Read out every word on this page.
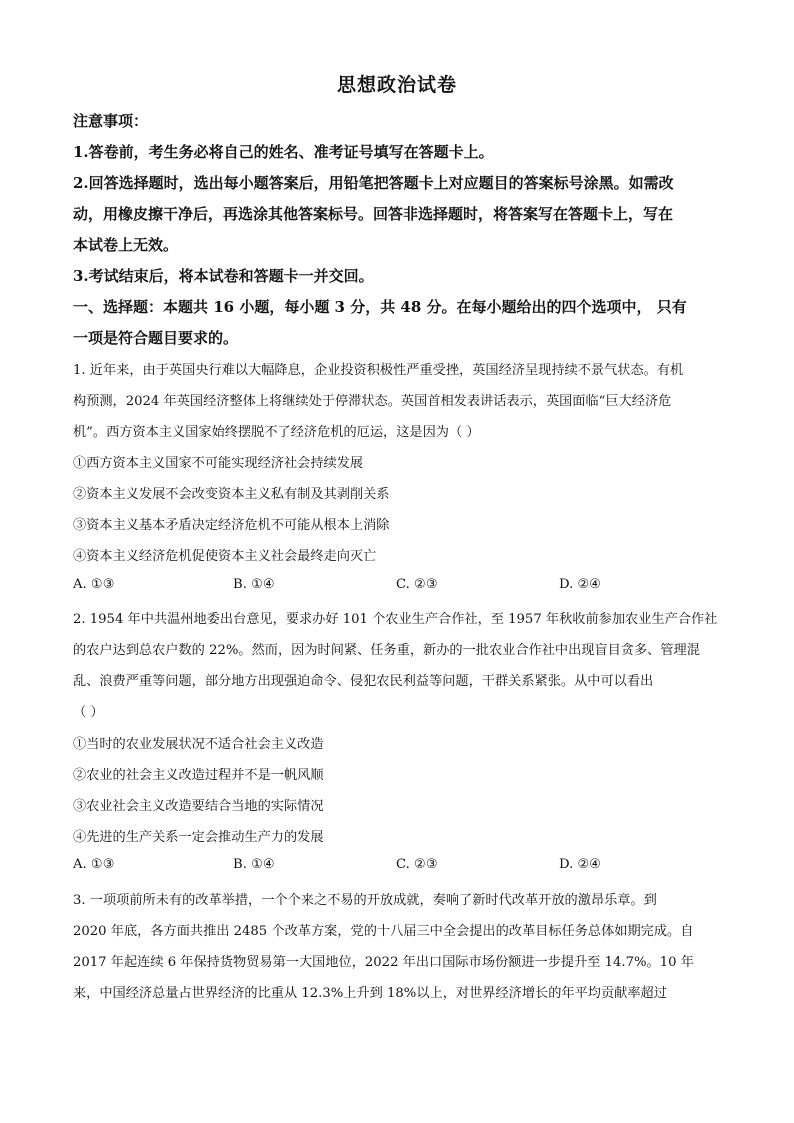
思想政治试卷
注意事项：
1.答卷前，考生务必将自己的姓名、准考证号填写在答题卡上。
2.回答选择题时，选出每小题答案后，用铅笔把答题卡上对应题目的答案标号涂黑。如需改
动，用橡皮擦干净后，再选涂其他答案标号。回答非选择题时，将答案写在答题卡上，写在
本试卷上无效。
3.考试结束后，将本试卷和答题卡一并交回。
一、选择题：本题共 16 小题，每小题 3 分，共 48 分。在每小题给出的四个选项中， 只有
一项是符合题目要求的。
1. 近年来，由于英国央行难以大幅降息，企业投资积极性严重受挫，英国经济呈现持续不景气状态。有机
构预测，2024 年英国经济整体上将继续处于停滞状态。英国首相发表讲话表示，英国面临“巨大经济危
机”。西方资本主义国家始终摆脱不了经济危机的厄运，这是因为（ ）
①西方资本主义国家不可能实现经济社会持续发展
②资本主义发展不会改变资本主义私有制及其剥削关系
③资本主义基本矛盾决定经济危机不可能从根本上消除
④资本主义经济危机促使资本主义社会最终走向灭亡
A. ①③	B. ①④	C. ②③	D. ②④
2. 1954 年中共温州地委出台意见，要求办好 101 个农业生产合作社，至 1957 年秋收前参加农业生产合作社
的农户达到总农户数的 22%。然而，因为时间紧、任务重，新办的一批农业合作社中出现盲目贪多、管理混
乱、浪费严重等问题，部分地方出现强迫命令、侵犯农民利益等问题，干群关系紧张。从中可以看出
（ ）
①当时的农业发展状况不适合社会主义改造
②农业的社会主义改造过程并不是一帆风顺
③农业社会主义改造要结合当地的实际情况
④先进的生产关系一定会推动生产力的发展
A. ①③	B. ①④	C. ②③	D. ②④
3. 一项项前所未有的改革举措，一个个来之不易的开放成就，奏响了新时代改革开放的激昂乐章。到
2020 年底，各方面共推出 2485 个改革方案，党的十八届三中全会提出的改革目标任务总体如期完成。自
2017 年起连续 6 年保持货物贸易第一大国地位，2022 年出口国际市场份额进一步提升至 14.7%。10 年
来，中国经济总量占世界经济的比重从 12.3%上升到 18%以上，对世界经济增长的年平均贡献率超过
